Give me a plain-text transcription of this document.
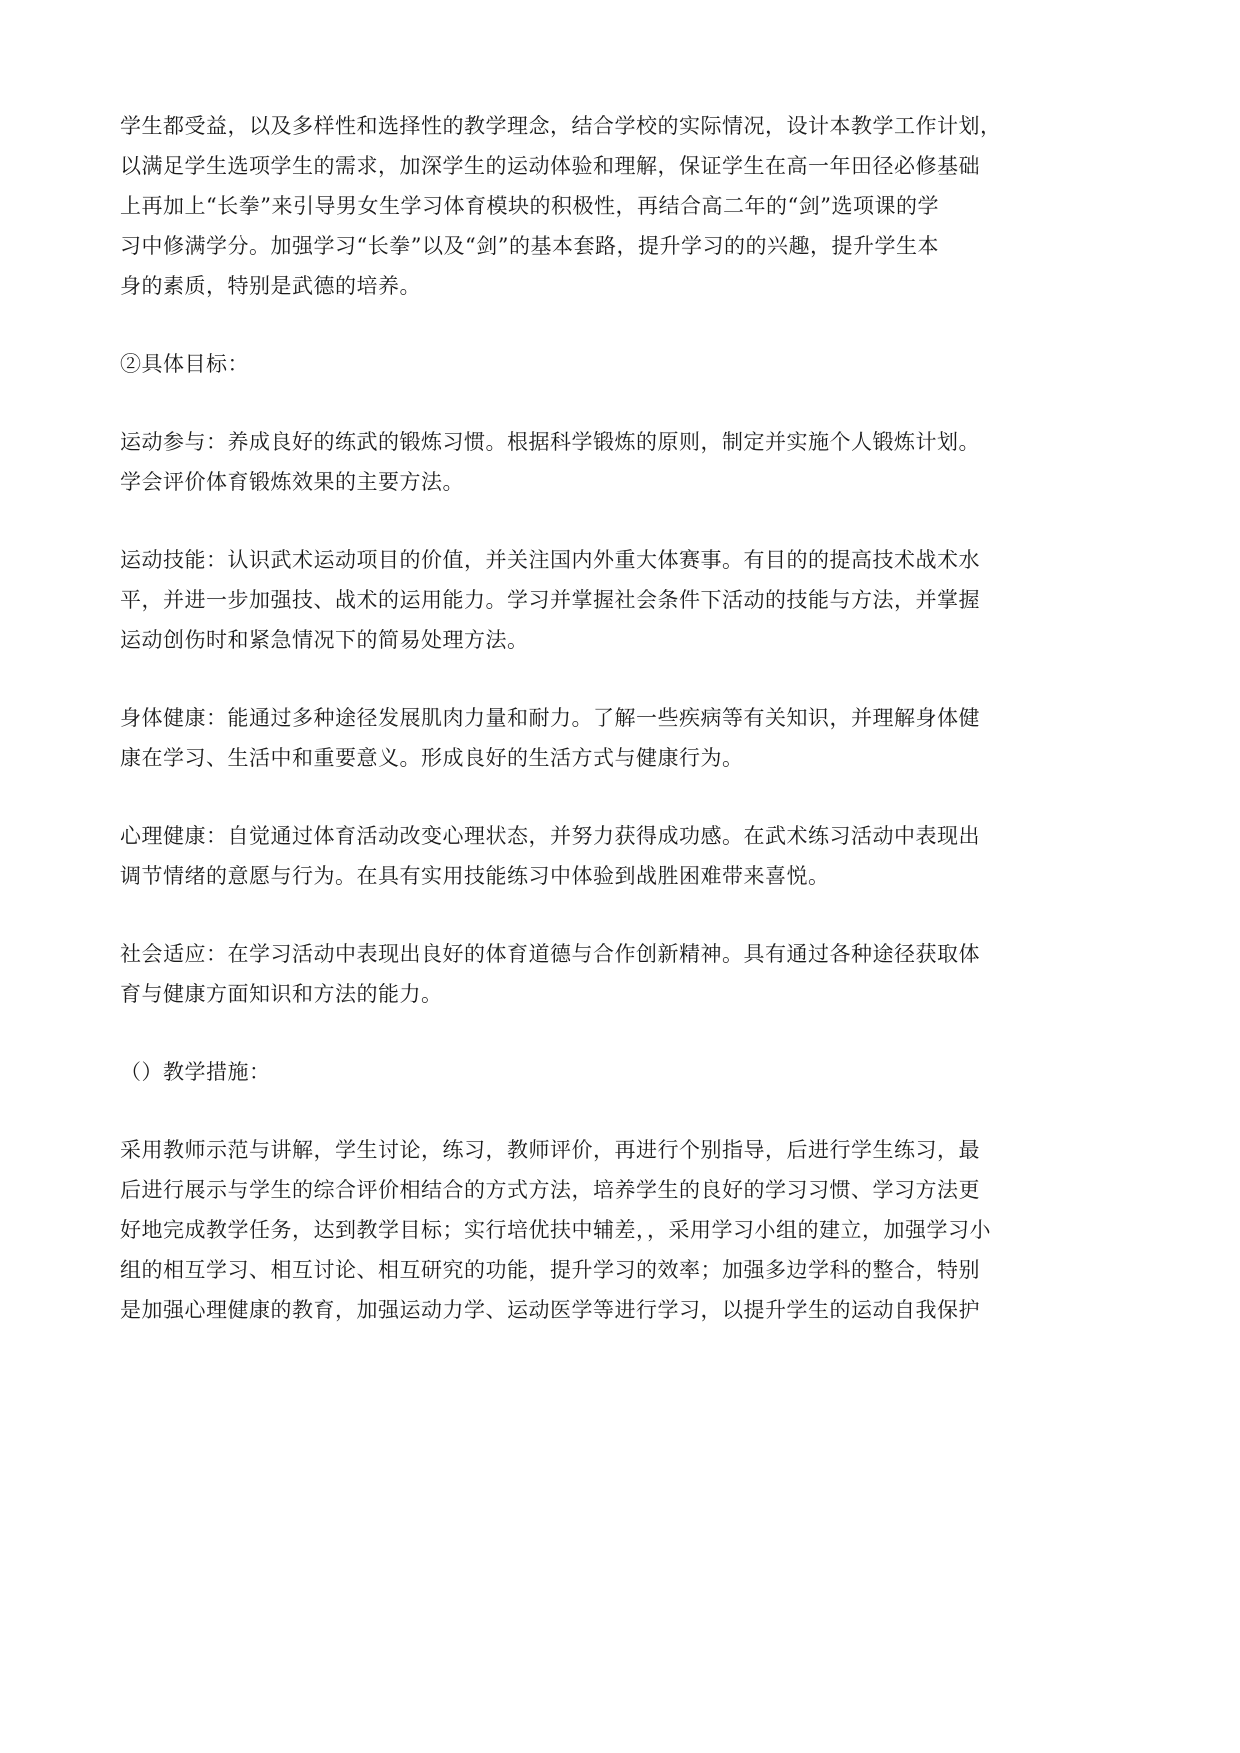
学生都受益，以及多样性和选择性的教学理念，结合学校的实际情况，设计本教学工作计划，
以满足学生选项学生的需求，加深学生的运动体验和理解，保证学生在高一年田径必修基础
上再加上“长拳”来引导男女生学习体育模块的积极性，再结合高二年的“剑”选项课的学
习中修满学分。加强学习“长拳”以及“剑”的基本套路，提升学习的的兴趣，提升学生本
身的素质，特别是武德的培养。

②具体目标：

运动参与：养成良好的练武的锻炼习惯。根据科学锻炼的原则，制定并实施个人锻炼计划。
学会评价体育锻炼效果的主要方法。

运动技能：认识武术运动项目的价值，并关注国内外重大体赛事。有目的的提高技术战术水
平，并进一步加强技、战术的运用能力。学习并掌握社会条件下活动的技能与方法，并掌握
运动创伤时和紧急情况下的简易处理方法。

身体健康：能通过多种途径发展肌肉力量和耐力。了解一些疾病等有关知识，并理解身体健
康在学习、生活中和重要意义。形成良好的生活方式与健康行为。

心理健康：自觉通过体育活动改变心理状态，并努力获得成功感。在武术练习活动中表现出
调节情绪的意愿与行为。在具有实用技能练习中体验到战胜困难带来喜悦。

社会适应：在学习活动中表现出良好的体育道德与合作创新精神。具有通过各种途径获取体
育与健康方面知识和方法的能力。

（）教学措施：

采用教师示范与讲解，学生讨论，练习，教师评价，再进行个别指导，后进行学生练习，最
后进行展示与学生的综合评价相结合的方式方法，培养学生的良好的学习习惯、学习方法更
好地完成教学任务，达到教学目标；实行培优扶中辅差，，采用学习小组的建立，加强学习小
组的相互学习、相互讨论、相互研究的功能，提升学习的效率；加强多边学科的整合，特别
是加强心理健康的教育，加强运动力学、运动医学等进行学习，以提升学生的运动自我保护
